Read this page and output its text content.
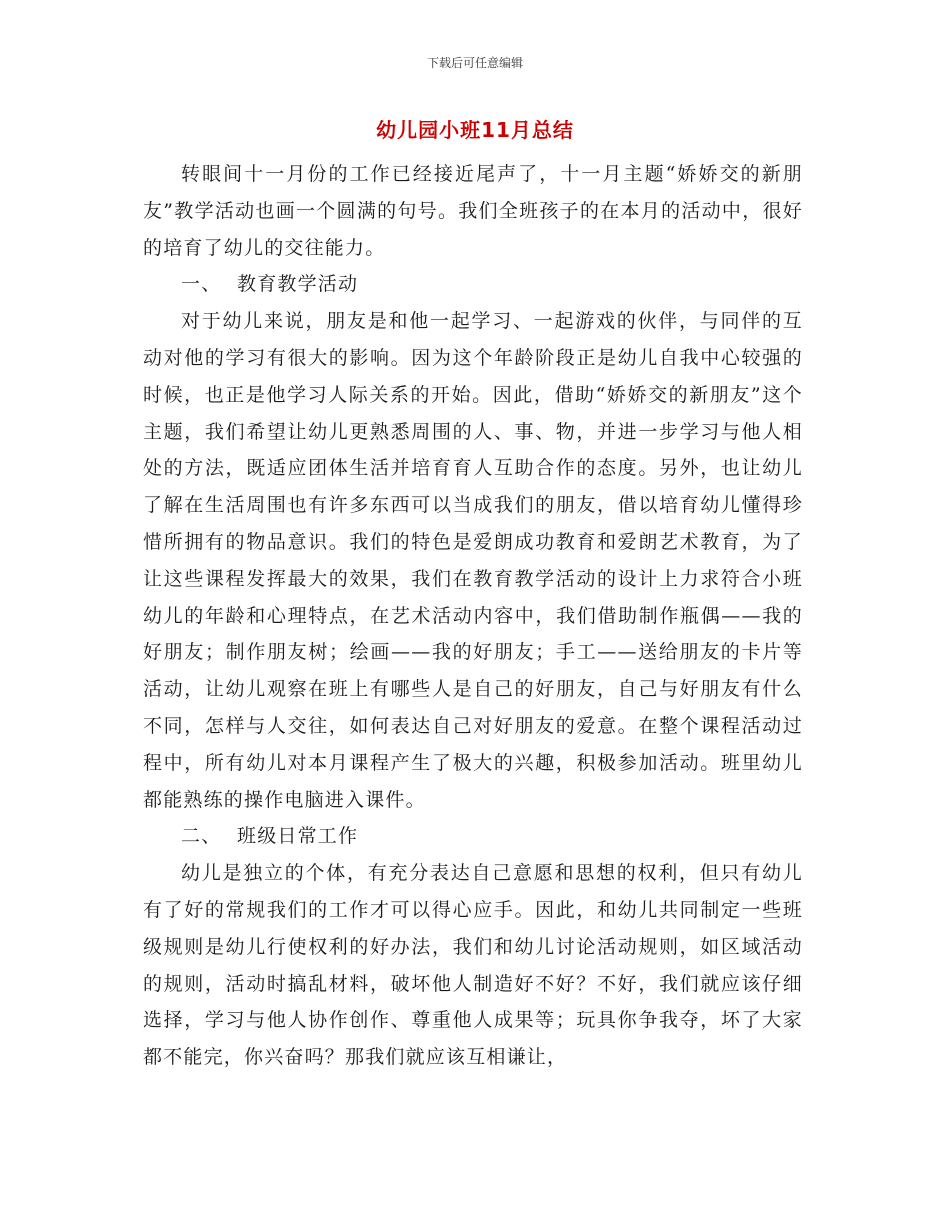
下载后可任意编辑
幼儿园小班11月总结

转眼间十一月份的工作已经接近尾声了，十一月主题“娇娇交的新朋友”教学活动也画一个圆满的句号。我们全班孩子的在本月的活动中，很好的培育了幼儿的交往能力。

一、 教育教学活动

对于幼儿来说，朋友是和他一起学习、一起游戏的伙伴，与同伴的互动对他的学习有很大的影响。因为这个年龄阶段正是幼儿自我中心较强的时候，也正是他学习人际关系的开始。因此，借助“娇娇交的新朋友”这个主题，我们希望让幼儿更熟悉周围的人、事、物，并进一步学习与他人相处的方法，既适应团体生活并培育育人互助合作的态度。另外，也让幼儿了解在生活周围也有许多东西可以当成我们的朋友，借以培育幼儿懂得珍惜所拥有的物品意识。我们的特色是爱朗成功教育和爱朗艺术教育，为了让这些课程发挥最大的效果，我们在教育教学活动的设计上力求符合小班幼儿的年龄和心理特点，在艺术活动内容中，我们借助制作瓶偶——我的好朋友；制作朋友树；绘画——我的好朋友；手工——送给朋友的卡片等活动，让幼儿观察在班上有哪些人是自己的好朋友，自己与好朋友有什么不同，怎样与人交往，如何表达自己对好朋友的爱意。在整个课程活动过程中，所有幼儿对本月课程产生了极大的兴趣，积极参加活动。班里幼儿都能熟练的操作电脑进入课件。

二、 班级日常工作

幼儿是独立的个体，有充分表达自己意愿和思想的权利，但只有幼儿有了好的常规我们的工作才可以得心应手。因此，和幼儿共同制定一些班级规则是幼儿行使权利的好办法，我们和幼儿讨论活动规则，如区域活动的规则，活动时搞乱材料，破坏他人制造好不好？不好，我们就应该仔细选择，学习与他人协作创作、尊重他人成果等；玩具你争我夺，坏了大家都不能完，你兴奋吗？那我们就应该互相谦让，
